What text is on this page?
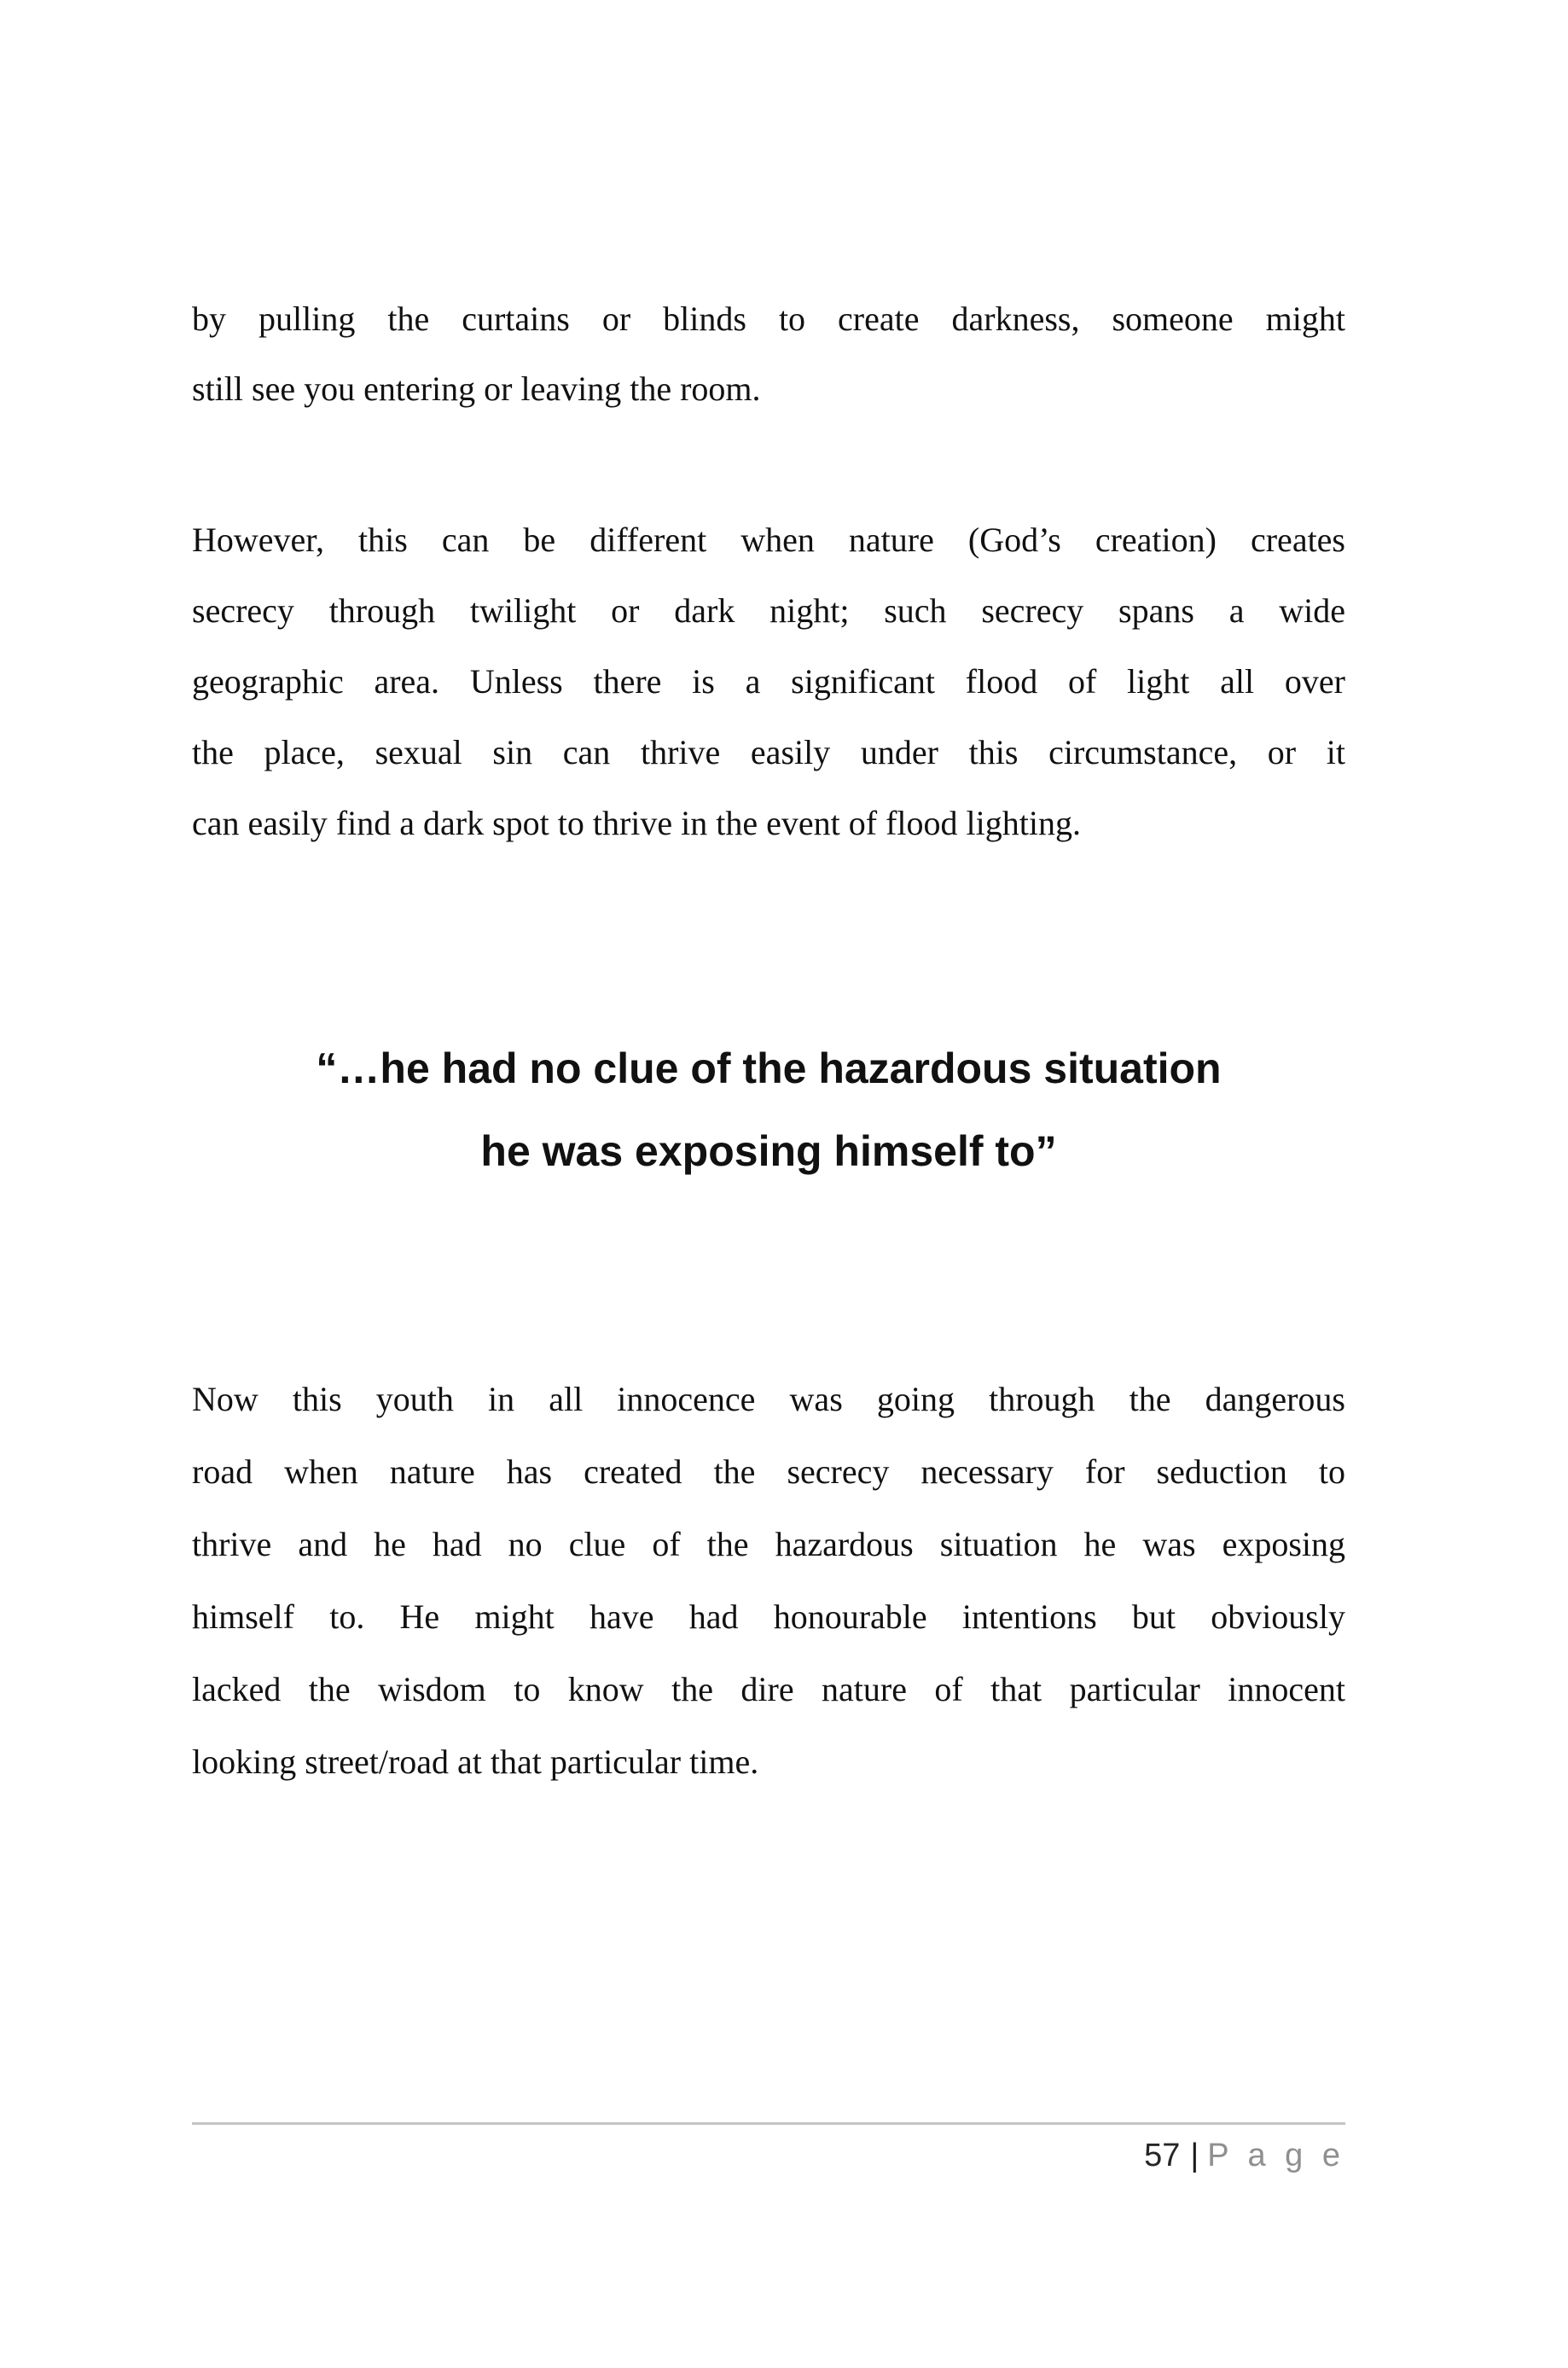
by pulling the curtains or blinds to create darkness, someone might
still see you entering or leaving the room.
However, this can be different when nature (God’s creation) creates
secrecy through twilight or dark night; such secrecy spans a wide
geographic area. Unless there is a significant flood of light all over
the place, sexual sin can thrive easily under this circumstance, or it
can easily find a dark spot to thrive in the event of flood lighting.
“…he had no clue of the hazardous situation
he was exposing himself to”
Now this youth in all innocence was going through the dangerous
road when nature has created the secrecy necessary for seduction to
thrive and he had no clue of the hazardous situation he was exposing
himself to. He might have had honourable intentions but obviously
lacked the wisdom to know the dire nature of that particular innocent
looking street/road at that particular time.
57 | P a g e
